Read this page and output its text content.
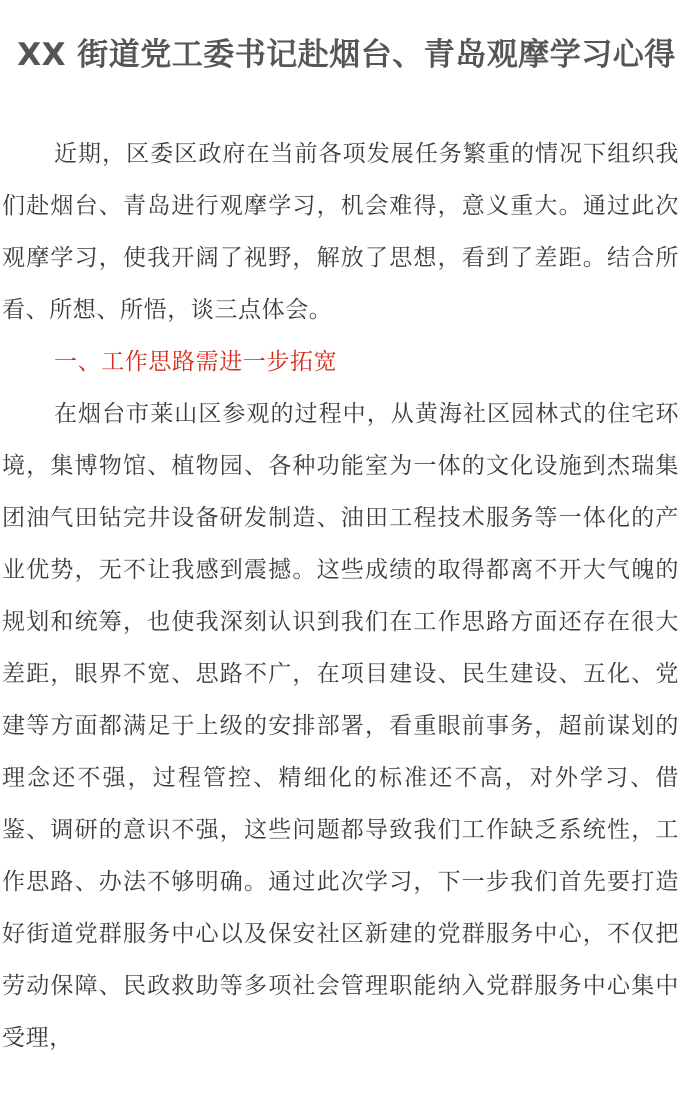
XX 街道党工委书记赴烟台、青岛观摩学习心得

近期，区委区政府在当前各项发展任务繁重的情况下组织我们赴烟台、青岛进行观摩学习，机会难得，意义重大。通过此次观摩学习，使我开阔了视野，解放了思想，看到了差距。结合所看、所想、所悟，谈三点体会。

一、工作思路需进一步拓宽

在烟台市莱山区参观的过程中，从黄海社区园林式的住宅环境，集博物馆、植物园、各种功能室为一体的文化设施到杰瑞集团油气田钻完井设备研发制造、油田工程技术服务等一体化的产业优势，无不让我感到震撼。这些成绩的取得都离不开大气魄的规划和统筹，也使我深刻认识到我们在工作思路方面还存在很大差距，眼界不宽、思路不广，在项目建设、民生建设、五化、党建等方面都满足于上级的安排部署，看重眼前事务，超前谋划的理念还不强，过程管控、精细化的标准还不高，对外学习、借鉴、调研的意识不强，这些问题都导致我们工作缺乏系统性，工作思路、办法不够明确。通过此次学习，下一步我们首先要打造好街道党群服务中心以及保安社区新建的党群服务中心，不仅把劳动保障、民政救助等多项社会管理职能纳入党群服务中心集中受理，
